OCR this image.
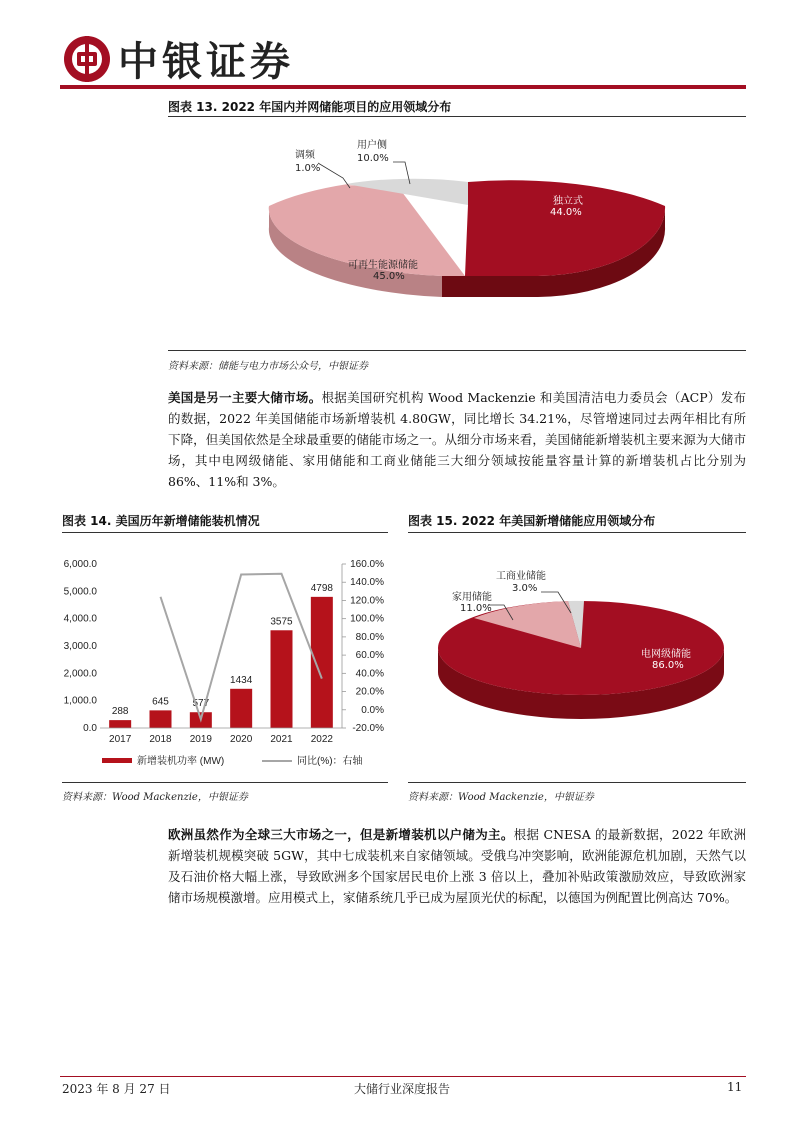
中银证券
图表 13. 2022 年国内并网储能项目的应用领域分布
调频
1.0%
用户侧
10.0%
独立式
44.0%
可再生能源储能
45.0%
资料来源：储能与电力市场公众号，中银证券
美国是另一主要大储市场。根据美国研究机构 Wood Mackenzie 和美国清洁电力委员会（ACP）发布的数据，2022 年美国储能市场新增装机 4.80GW，同比增长 34.21%，尽管增速同过去两年相比有所下降，但美国依然是全球最重要的储能市场之一。从细分市场来看，美国储能新增装机主要来源为大储市场，其中电网级储能、家用储能和工商业储能三大细分领域按能量容量计算的新增装机占比分别为 86%、11%和 3%。
图表 14. 美国历年新增储能装机情况
6,000.0
5,000.0
4,000.0
3,000.0
2,000.0
1,000.0
0.0
160.0%
140.0%
120.0%
100.0%
80.0%
60.0%
40.0%
20.0%
0.0%
-20.0%
288
645 577
1434
3575
4798
2017 2018 2019 2020 2021 2022
新增装机功率 (MW)	同比(%)：右轴
资料来源：Wood Mackenzie，中银证券
图表 15. 2022 年美国新增储能应用领域分布
工商业储能
3.0%
家用储能
11.0%
电网级储能
86.0%
资料来源：Wood Mackenzie，中银证券
欧洲虽然作为全球三大市场之一，但是新增装机以户储为主。根据 CNESA 的最新数据，2022 年欧洲新增装机规模突破 5GW，其中七成装机来自家储领域。受俄乌冲突影响，欧洲能源危机加剧，天然气以及石油价格大幅上涨，导致欧洲多个国家居民电价上涨 3 倍以上，叠加补贴政策激励效应，导致欧洲家储市场规模激增。应用模式上，家储系统几乎已成为屋顶光伏的标配，以德国为例配置比例高达 70%。
2023 年 8 月 27 日	大储行业深度报告	11
